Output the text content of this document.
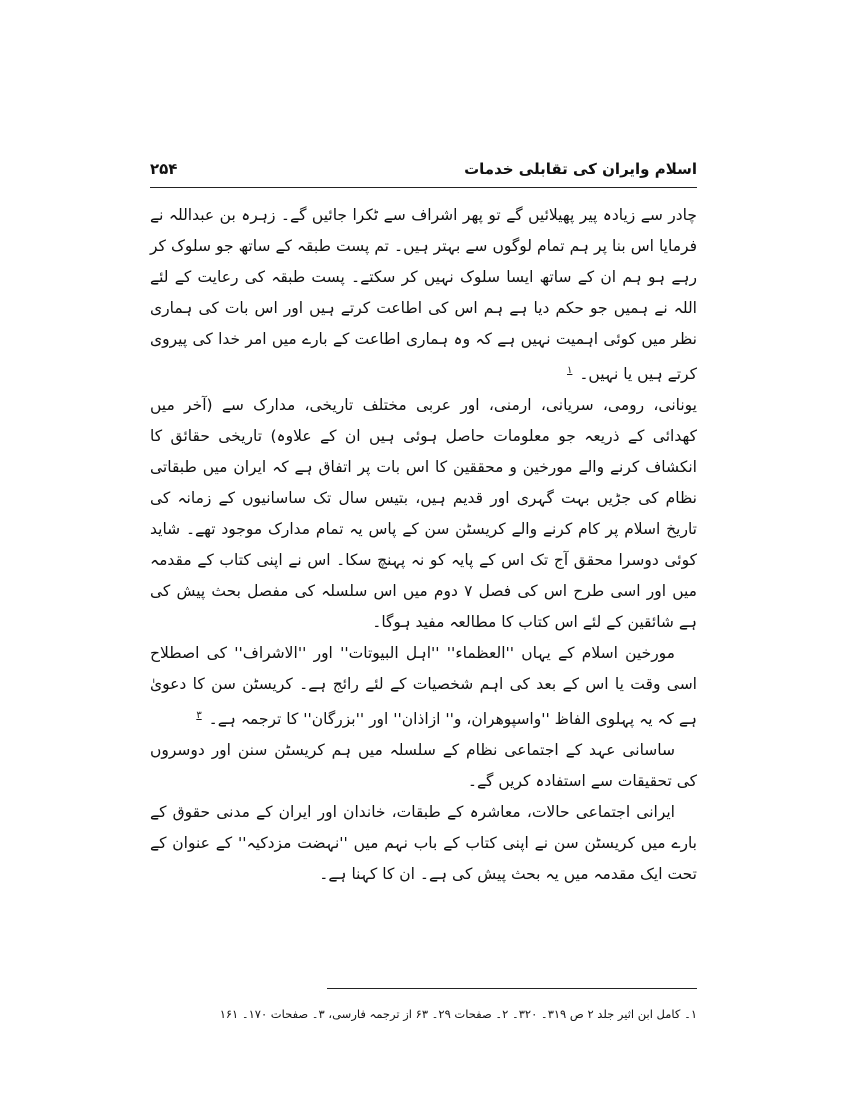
اسلام وایران کی تقابلی خدمات
۲۵۴

چادر سے زیادہ پیر پھیلائیں گے تو پھر اشراف سے ٹکرا جائیں گے۔ زہرہ بن عبداللہ نے فرمایا اس بنا پر ہم تمام لوگوں سے بہتر ہیں۔ تم پست طبقہ کے ساتھ جو سلوک کر رہے ہو ہم ان کے ساتھ ایسا سلوک نہیں کر سکتے۔ پست طبقہ کی رعایت کے لئے اللہ نے ہمیں جو حکم دیا ہے ہم اس کی اطاعت کرتے ہیں اور اس بات کی ہماری نظر میں کوئی اہمیت نہیں ہے کہ وہ ہماری اطاعت کے بارے میں امر خدا کی پیروی کرتے ہیں یا نہیں۔ $^۱$

یونانی، رومی، سریانی، ارمنی، اور عربی مختلف تاریخی، مدارک سے (آخر میں کھدائی کے ذریعہ جو معلومات حاصل ہوئی ہیں ان کے علاوہ) تاریخی حقائق کا انکشاف کرنے والے مورخین و محققین کا اس بات پر اتفاق ہے کہ ایران میں طبقاتی نظام کی جڑیں بہت گہری اور قدیم ہیں، بتیس سال تک ساسانیوں کے زمانہ کی تاریخ اسلام پر کام کرنے والے کریسٹن سن کے پاس یہ تمام مدارک موجود تھے۔ شاید کوئی دوسرا محقق آج تک اس کے پایہ کو نہ پہنچ سکا۔ اس نے اپنی کتاب کے مقدمہ میں اور اسی طرح اس کی فصل ۷ دوم میں اس سلسلہ کی مفصل بحث پیش کی ہے شائقین کے لئے اس کتاب کا مطالعہ مفید ہوگا۔

مورخین اسلام کے یہاں ''العظماء'' ''اہل البیوتات'' اور ''الاشراف'' کی اصطلاح اسی وقت یا اس کے بعد کی اہم شخصیات کے لئے رائج ہے۔ کریسٹن سن کا دعویٰ ہے کہ یہ پہلوی الفاظ ''واسپوھران، و'' ازاذان'' اور ''بزرگان'' کا ترجمہ ہے۔ $^۳$

ساسانی عہد کے اجتماعی نظام کے سلسلہ میں ہم کریسٹن سنن اور دوسروں کی تحقیقات سے استفادہ کریں گے۔

ایرانی اجتماعی حالات، معاشرہ کے طبقات، خاندان اور ایران کے مدنی حقوق کے بارے میں کریسٹن سن نے اپنی کتاب کے باب نہم میں ''نہضت مزدکیہ'' کے عنوان کے تحت ایک مقدمہ میں یہ بحث پیش کی ہے۔ ان کا کہنا ہے۔

۱۔ کامل ابن اثیر جلد ۲ ص ۳۱۹۔ ۳۲۰۔ ۲۔ صفحات ۲۹۔ ۶۳ از ترجمہ فارسی، ۳۔ صفحات ۱۷۰۔ ۱۶۱
